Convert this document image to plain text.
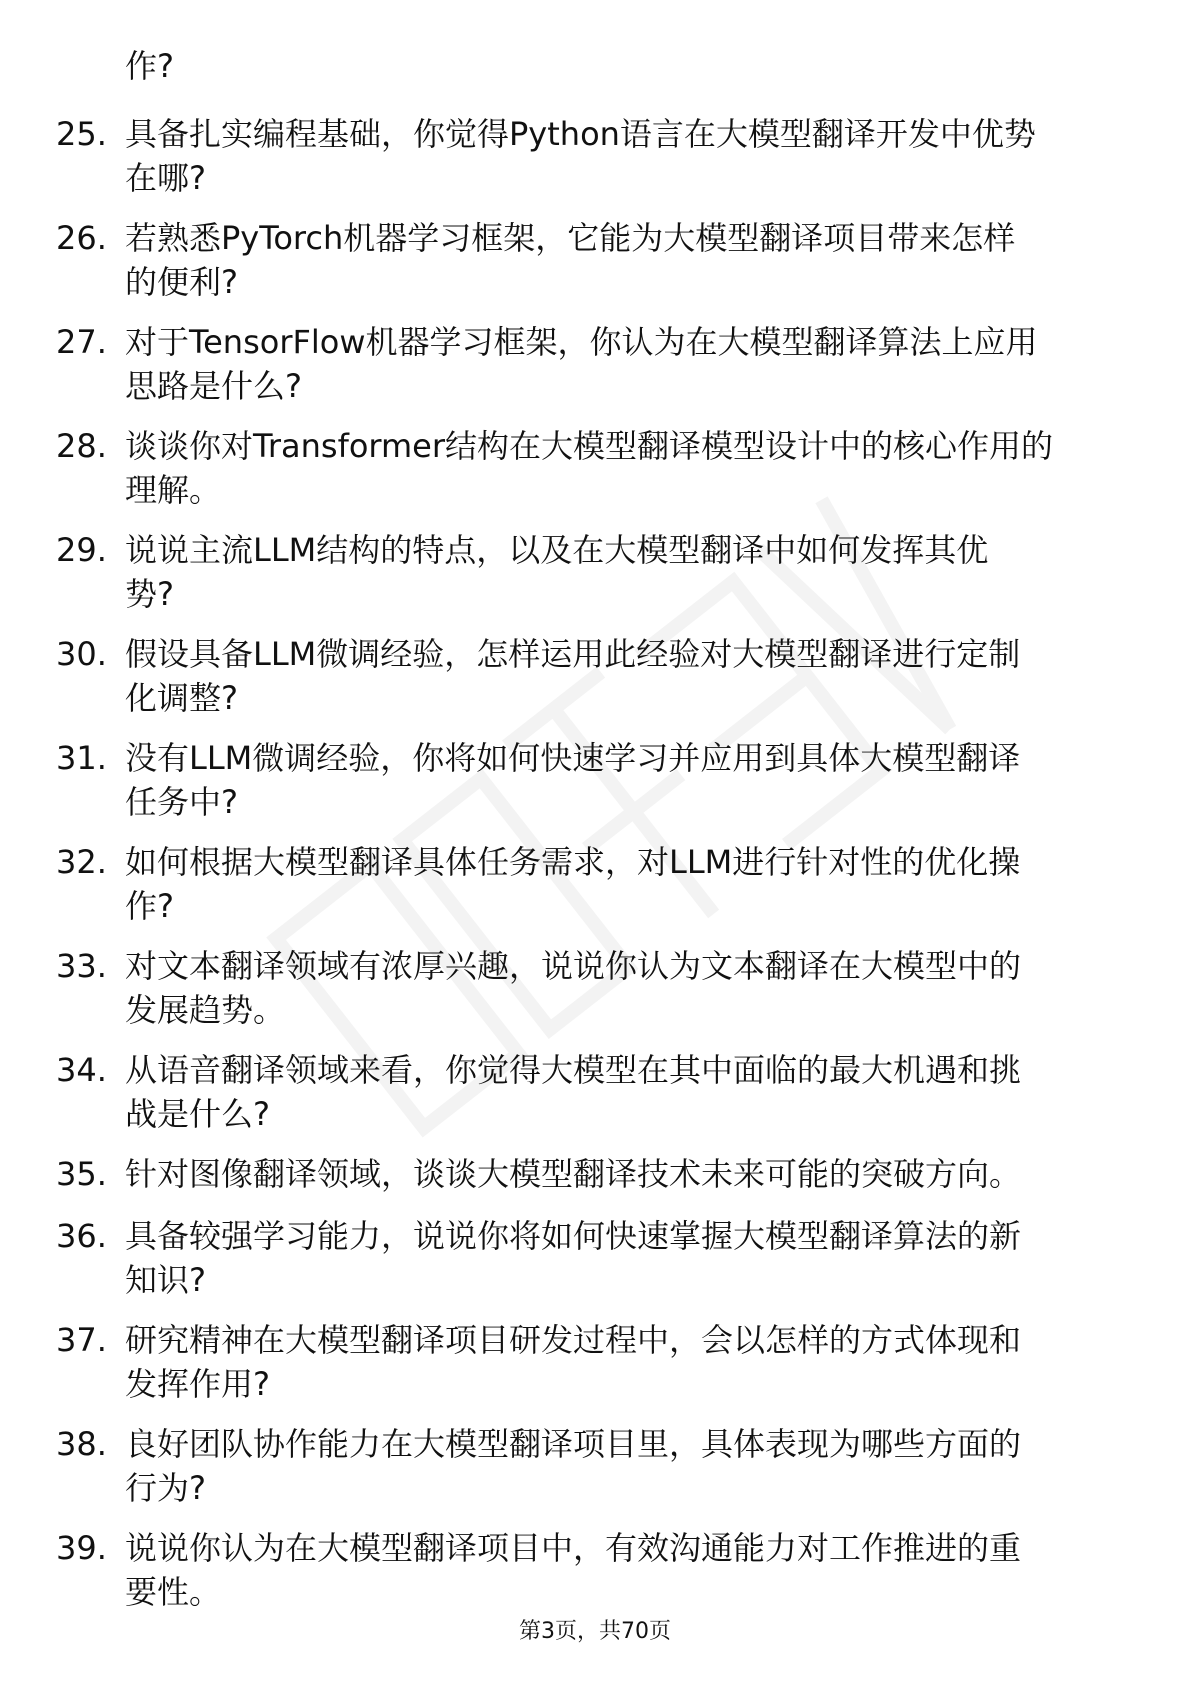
作?
25. 具备扎实编程基础，你觉得Python语言在大模型翻译开发中优势
在哪?
26. 若熟悉PyTorch机器学习框架，它能为大模型翻译项目带来怎样
的便利?
27. 对于TensorFlow机器学习框架，你认为在大模型翻译算法上应用
思路是什么?
28. 谈谈你对Transformer结构在大模型翻译模型设计中的核心作用的
理解。
29. 说说主流LLM结构的特点，以及在大模型翻译中如何发挥其优
势?
30. 假设具备LLM微调经验，怎样运用此经验对大模型翻译进行定制
化调整?
31. 没有LLM微调经验，你将如何快速学习并应用到具体大模型翻译
任务中?
32. 如何根据大模型翻译具体任务需求，对LLM进行针对性的优化操
作?
33. 对文本翻译领域有浓厚兴趣，说说你认为文本翻译在大模型中的
发展趋势。
34. 从语音翻译领域来看，你觉得大模型在其中面临的最大机遇和挑
战是什么?
35. 针对图像翻译领域，谈谈大模型翻译技术未来可能的突破方向。
36. 具备较强学习能力，说说你将如何快速掌握大模型翻译算法的新
知识?
37. 研究精神在大模型翻译项目研发过程中，会以怎样的方式体现和
发挥作用?
38. 良好团队协作能力在大模型翻译项目里，具体表现为哪些方面的
行为?
39. 说说你认为在大模型翻译项目中，有效沟通能力对工作推进的重
要性。
第3页，共70页
